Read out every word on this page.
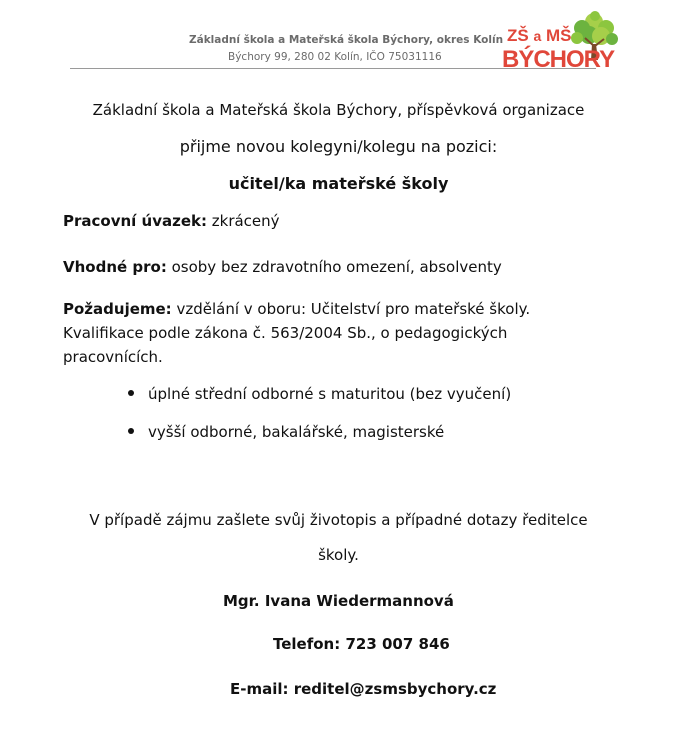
Základní škola a Mateřská škola Býchory, okres Kolín
Býchory 99, 280 02 Kolín, IČO 75031116
ZŠ a MŠ
BÝCHORY
Základní škola a Mateřská škola Býchory, příspěvková organizace
přijme novou kolegyni/kolegu na pozici:
učitel/ka mateřské školy
Pracovní úvazek: zkrácený
Vhodné pro: osoby bez zdravotního omezení, absolventy
Požadujeme: vzdělání v oboru: Učitelství pro mateřské školy.
Kvalifikace podle zákona č. 563/2004 Sb., o pedagogických
pracovnících.
úplné střední odborné s maturitou (bez vyučení)
vyšší odborné, bakalářské, magisterské
V případě zájmu zašlete svůj životopis a případné dotazy ředitelce
školy.
Mgr. Ivana Wiedermannová
Telefon: 723 007 846
E-mail: reditel@zsmsbychory.cz
